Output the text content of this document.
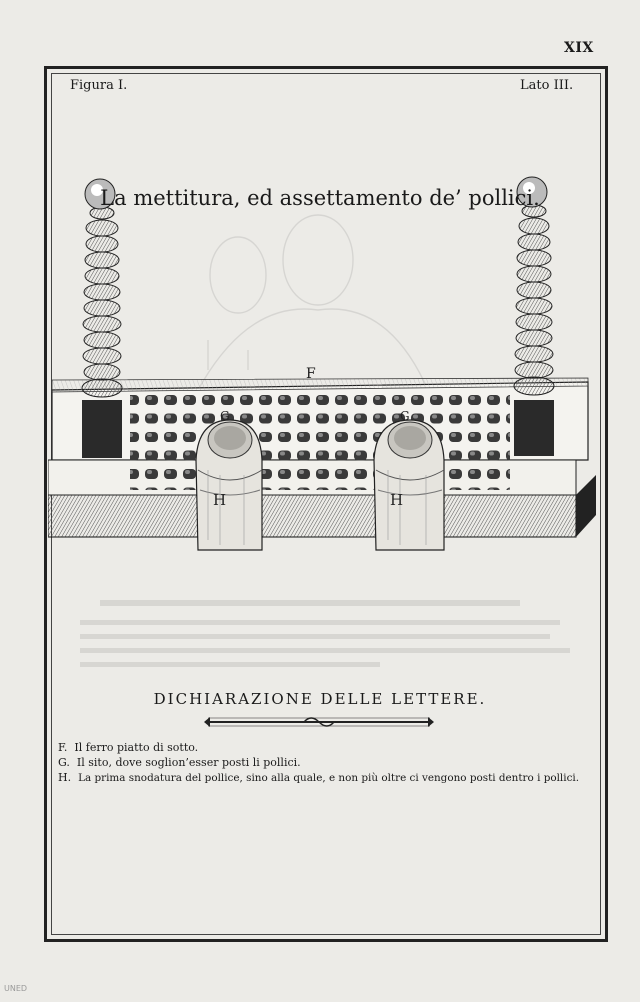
XIX
Figura I.	Lato III.
H
G
H
G
La mettitura, ed assettamento de’ pollici.
F
DICHIARAZIONE DELLE LETTERE.
F. Il ferro piatto di sotto.
G. Il sito, dove soglion’esser posti li pollici.
H. La prima snodatura del pollice, sino alla quale, e non più oltre ci vengono posti dentro i pollici.
UNED
